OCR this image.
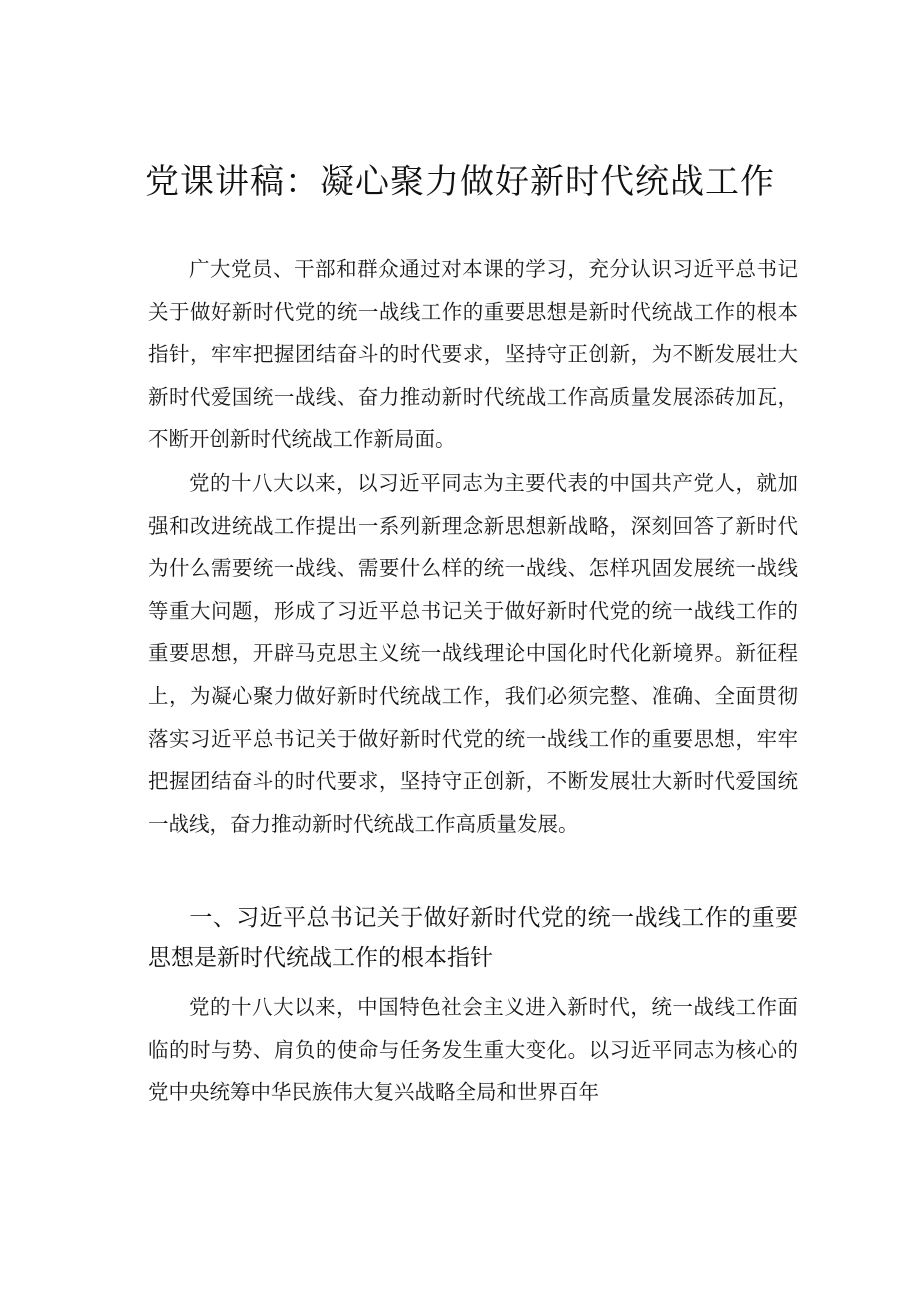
党课讲稿：凝心聚力做好新时代统战工作

广大党员、干部和群众通过对本课的学习，充分认识习近平总书记关于做好新时代党的统一战线工作的重要思想是新时代统战工作的根本指针，牢牢把握团结奋斗的时代要求，坚持守正创新，为不断发展壮大新时代爱国统一战线、奋力推动新时代统战工作高质量发展添砖加瓦，不断开创新时代统战工作新局面。

党的十八大以来，以习近平同志为主要代表的中国共产党人，就加强和改进统战工作提出一系列新理念新思想新战略，深刻回答了新时代为什么需要统一战线、需要什么样的统一战线、怎样巩固发展统一战线等重大问题，形成了习近平总书记关于做好新时代党的统一战线工作的重要思想，开辟马克思主义统一战线理论中国化时代化新境界。新征程上，为凝心聚力做好新时代统战工作，我们必须完整、准确、全面贯彻落实习近平总书记关于做好新时代党的统一战线工作的重要思想，牢牢把握团结奋斗的时代要求，坚持守正创新，不断发展壮大新时代爱国统一战线，奋力推动新时代统战工作高质量发展。

一、习近平总书记关于做好新时代党的统一战线工作的重要思想是新时代统战工作的根本指针

党的十八大以来，中国特色社会主义进入新时代，统一战线工作面临的时与势、肩负的使命与任务发生重大变化。以习近平同志为核心的党中央统筹中华民族伟大复兴战略全局和世界百年
